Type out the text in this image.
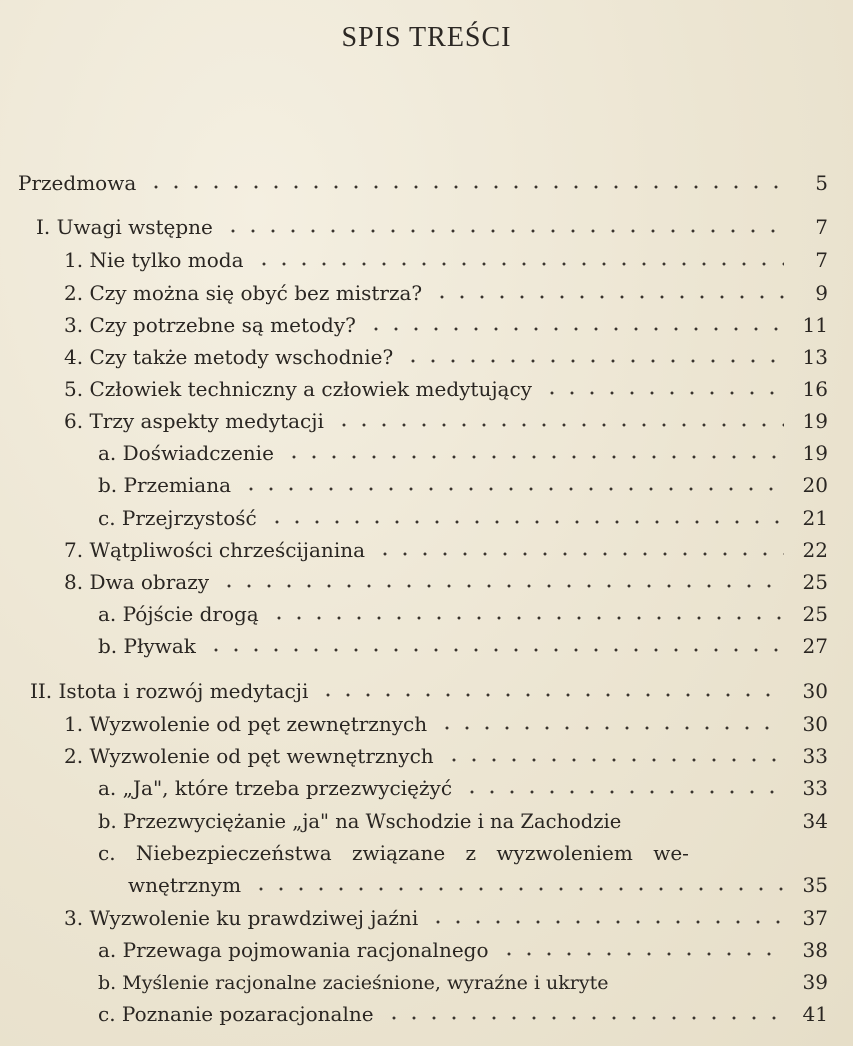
SPIS TREŚCI
Przedmowa	5
I. Uwagi wstępne	7
1. Nie tylko moda	7
2. Czy można się obyć bez mistrza?	9
3. Czy potrzebne są metody?	11
4. Czy także metody wschodnie?	13
5. Człowiek techniczny a człowiek medytujący	16
6. Trzy aspekty medytacji	19
a. Doświadczenie	19
b. Przemiana	20
c. Przejrzystość	21
7. Wątpliwości chrześcijanina	22
8. Dwa obrazy	25
a. Pójście drogą	25
b. Pływak	27
II. Istota i rozwój medytacji	30
1. Wyzwolenie od pęt zewnętrznych	30
2. Wyzwolenie od pęt wewnętrznych	33
a. „Ja", które trzeba przezwyciężyć	33
b. Przezwyciężanie „ja" na Wschodzie i na Zachodzie	34
c. Niebezpieczeństwa związane z wyzwoleniem we-
wnętrznym	35
3. Wyzwolenie ku prawdziwej jaźni	37
a. Przewaga pojmowania racjonalnego	38
b. Myślenie racjonalne zacieśnione, wyraźne i ukryte	39
c. Poznanie pozaracjonalne	41
